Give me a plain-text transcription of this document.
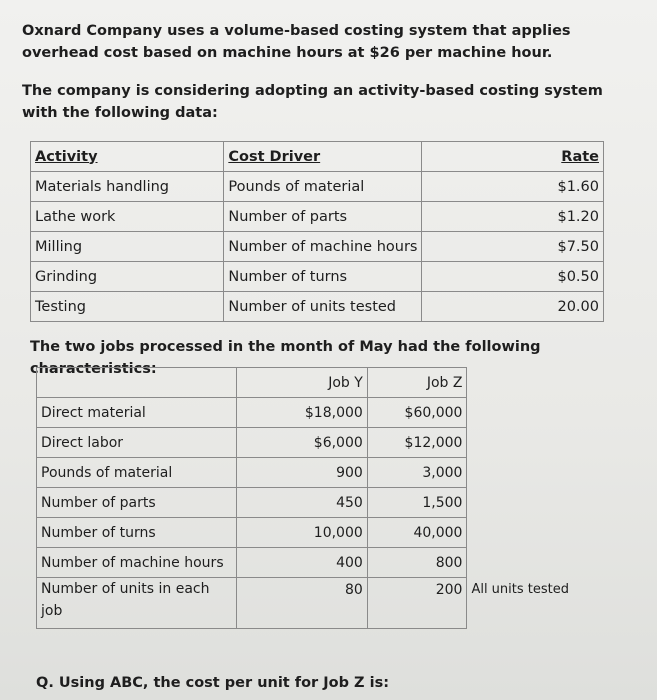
Oxnard Company uses a volume-based costing system that applies overhead cost based on machine hours at $26 per machine hour.
The company is considering adopting an activity-based costing system with the following data:
Activity	Cost Driver	Rate
Materials handling	Pounds of material	$1.60
Lathe work	Number of parts	$1.20
Milling	Number of machine hours	$7.50
Grinding	Number of turns	$0.50
Testing	Number of units tested	20.00
The two jobs processed in the month of May had the following characteristics:
	Job Y	Job Z	
Direct material	$18,000	$60,000	
Direct labor	$6,000	$12,000	
Pounds of material	900	3,000	
Number of parts	450	1,500	
Number of turns	10,000	40,000	
Number of machine hours	400	800	
Number of units in each job	80	200	All units tested
Q. Using ABC, the cost per unit for Job Z is:
